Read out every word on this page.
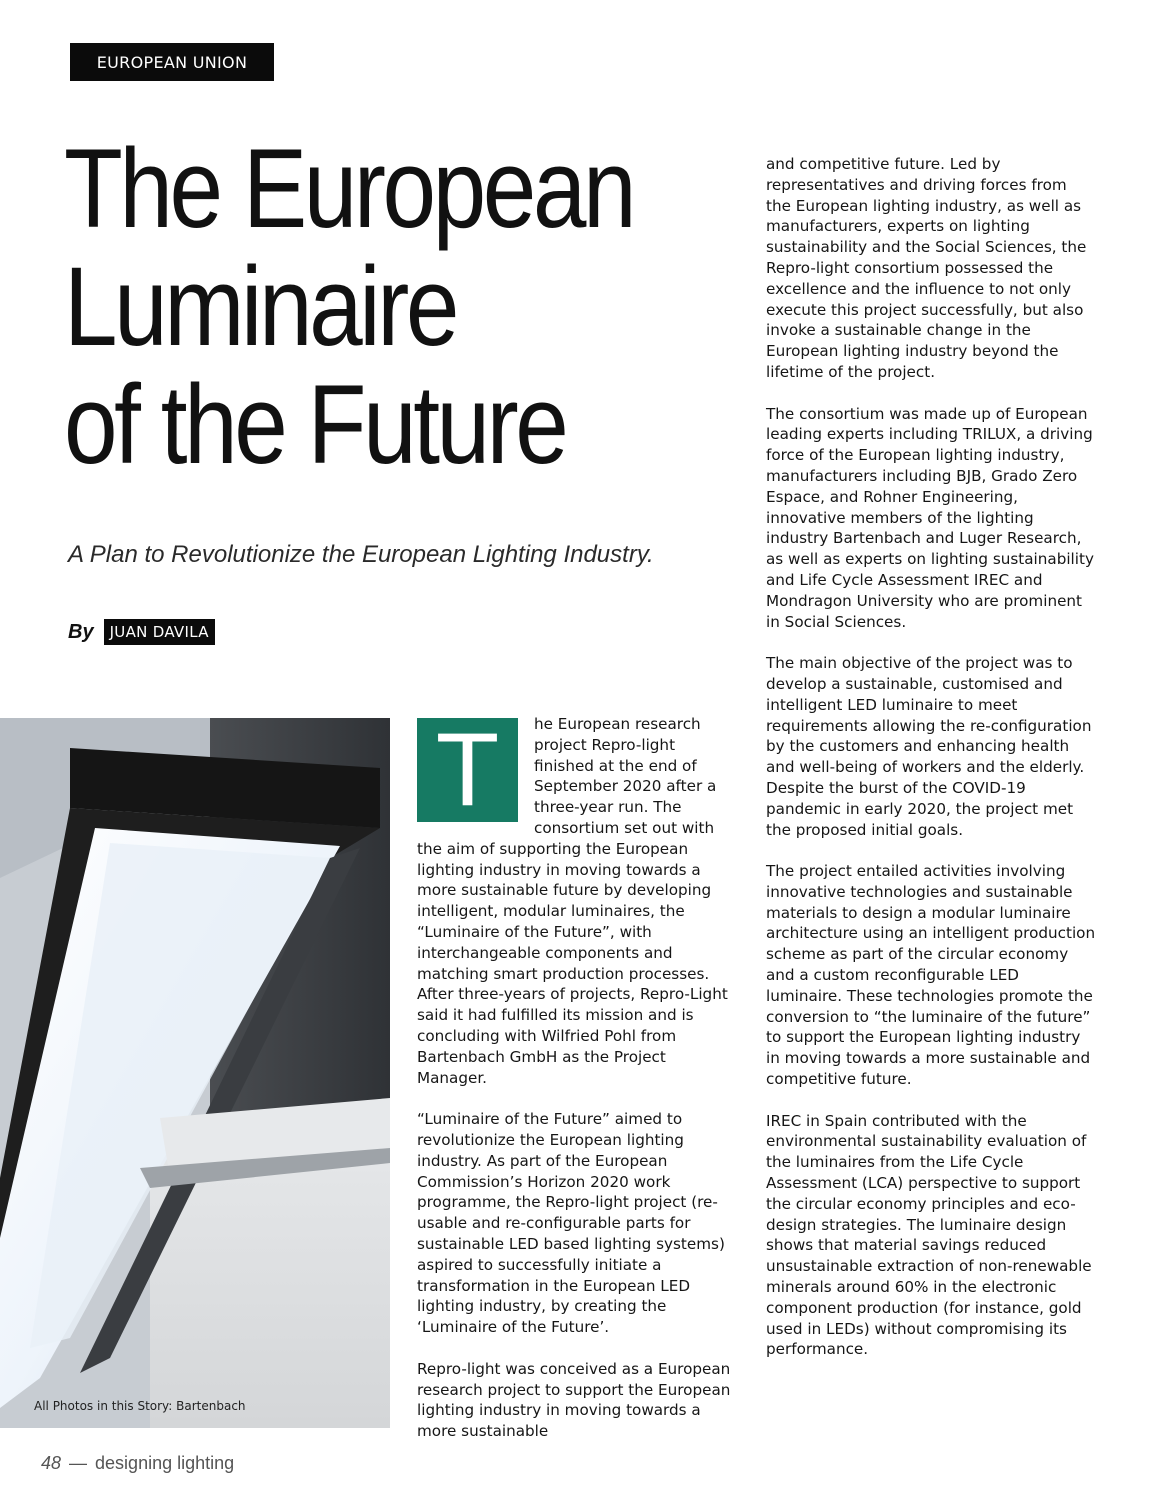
EUROPEAN UNION
The European
Luminaire
of the Future
A Plan to Revolutionize the European Lighting Industry.
By	JUAN DAVILA
All Photos in this Story: Bartenbach

T	he European research project Repro-light finished at the end of September 2020 after a three-year run. The consortium set out with the aim of supporting the European lighting industry in moving towards a more sustainable future by developing intelligent, modular luminaires, the “Luminaire of the Future”, with interchangeable components and matching smart production processes. After three-years of projects, Repro-Light said it had fulfilled its mission and is concluding with Wilfried Pohl from Bartenbach GmbH as the Project Manager.

“Luminaire of the Future” aimed to revolutionize the European lighting industry. As part of the European Commission’s Horizon 2020 work programme, the Repro-light project (re-usable and re-configurable parts for sustainable LED based lighting systems) aspired to successfully initiate a transformation in the European LED lighting industry, by creating the ‘Luminaire of the Future’.

Repro-light was conceived as a European research project to support the European lighting industry in moving towards a more sustainable

and competitive future. Led by representatives and driving forces from the European lighting industry, as well as manufacturers, experts on lighting sustainability and the Social Sciences, the Repro-light consortium possessed the excellence and the influence to not only execute this project successfully, but also invoke a sustainable change in the European lighting industry beyond the lifetime of the project.

The consortium was made up of European leading experts including TRILUX, a driving force of the European lighting industry, manufacturers including BJB, Grado Zero Espace, and Rohner Engineering, innovative members of the lighting industry Bartenbach and Luger Research, as well as experts on lighting sustainability and Life Cycle Assessment IREC and Mondragon University who are prominent in Social Sciences.

The main objective of the project was to develop a sustainable, customised and intelligent LED luminaire to meet requirements allowing the re-configuration by the customers and enhancing health and well-being of workers and the elderly. Despite the burst of the COVID-19 pandemic in early 2020, the project met the proposed initial goals.

The project entailed activities involving innovative technologies and sustainable materials to design a modular luminaire architecture using an intelligent production scheme as part of the circular economy and a custom reconfigurable LED luminaire. These technologies promote the conversion to “the luminaire of the future” to support the European lighting industry in moving towards a more sustainable and competitive future.

IREC in Spain contributed with the environmental sustainability evaluation of the luminaires from the Life Cycle Assessment (LCA) perspective to support the circular economy principles and eco-design strategies. The luminaire design shows that material savings reduced unsustainable extraction of non-renewable minerals around 60% in the electronic component production (for instance, gold used in LEDs) without compromising its performance.

48 — designing lighting
